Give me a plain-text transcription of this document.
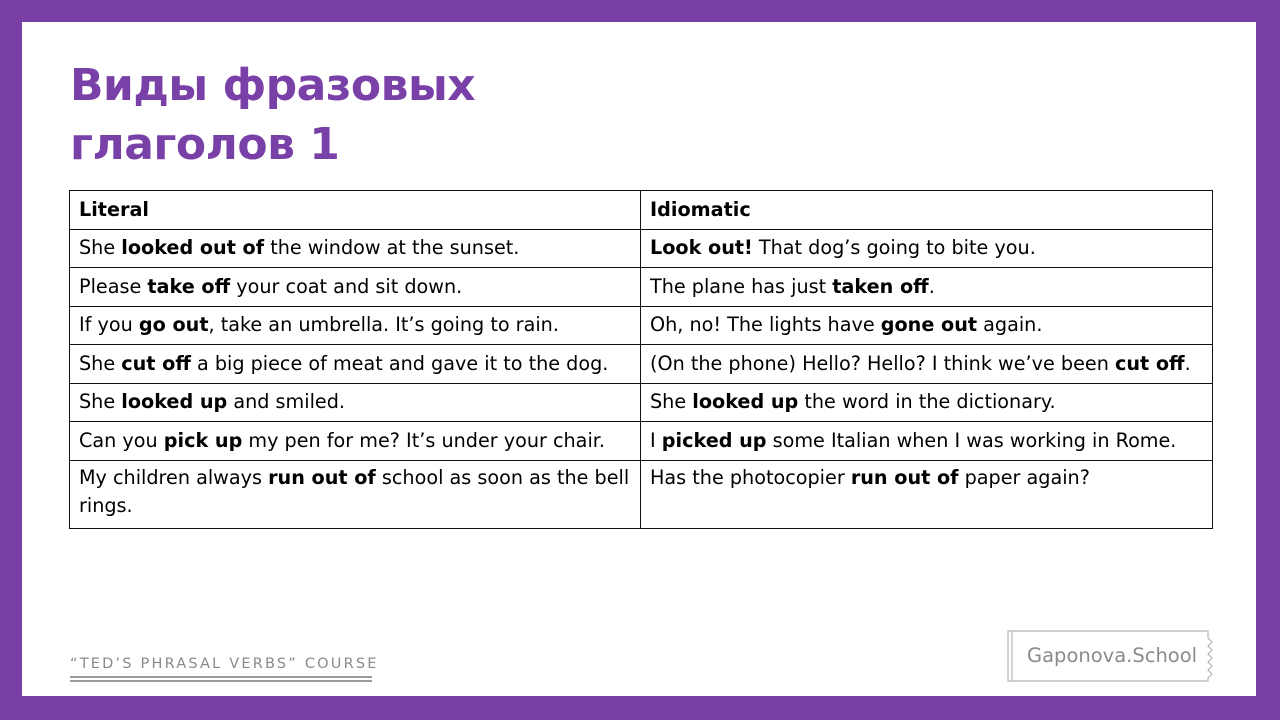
Виды фразовых
глаголов 1
Literal	Idiomatic
She looked out of the window at the sunset.	Look out! That dog’s going to bite you.
Please take off your coat and sit down.	The plane has just taken off.
If you go out, take an umbrella. It’s going to rain.	Oh, no! The lights have gone out again.
She cut off a big piece of meat and gave it to the dog.	(On the phone) Hello? Hello? I think we’ve been cut off.
She looked up and smiled.	She looked up the word in the dictionary.
Can you pick up my pen for me? It’s under your chair.	I picked up some Italian when I was working in Rome.
My children always run out of school as soon as the bell rings.	Has the photocopier run out of paper again?
“TED’S PHRASAL VERBS” COURSE	Gaponova.School
